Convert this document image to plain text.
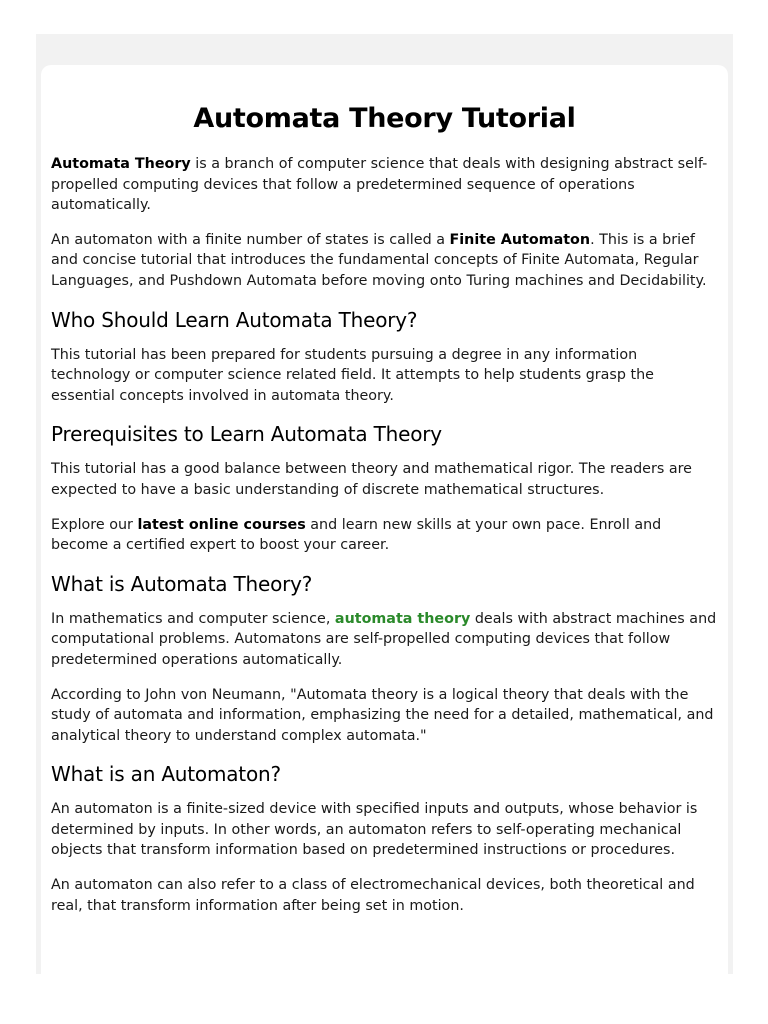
Automata Theory Tutorial

Automata Theory is a branch of computer science that deals with designing abstract self-propelled computing devices that follow a predetermined sequence of operations automatically.

An automaton with a finite number of states is called a Finite Automaton. This is a brief and concise tutorial that introduces the fundamental concepts of Finite Automata, Regular Languages, and Pushdown Automata before moving onto Turing machines and Decidability.

Who Should Learn Automata Theory?

This tutorial has been prepared for students pursuing a degree in any information technology or computer science related field. It attempts to help students grasp the essential concepts involved in automata theory.

Prerequisites to Learn Automata Theory

This tutorial has a good balance between theory and mathematical rigor. The readers are expected to have a basic understanding of discrete mathematical structures.

Explore our latest online courses and learn new skills at your own pace. Enroll and become a certified expert to boost your career.

What is Automata Theory?

In mathematics and computer science, automata theory deals with abstract machines and computational problems. Automatons are self-propelled computing devices that follow predetermined operations automatically.

According to John von Neumann, "Automata theory is a logical theory that deals with the study of automata and information, emphasizing the need for a detailed, mathematical, and analytical theory to understand complex automata."

What is an Automaton?

An automaton is a finite-sized device with specified inputs and outputs, whose behavior is determined by inputs. In other words, an automaton refers to self-operating mechanical objects that transform information based on predetermined instructions or procedures.

An automaton can also refer to a class of electromechanical devices, both theoretical and real, that transform information after being set in motion.
